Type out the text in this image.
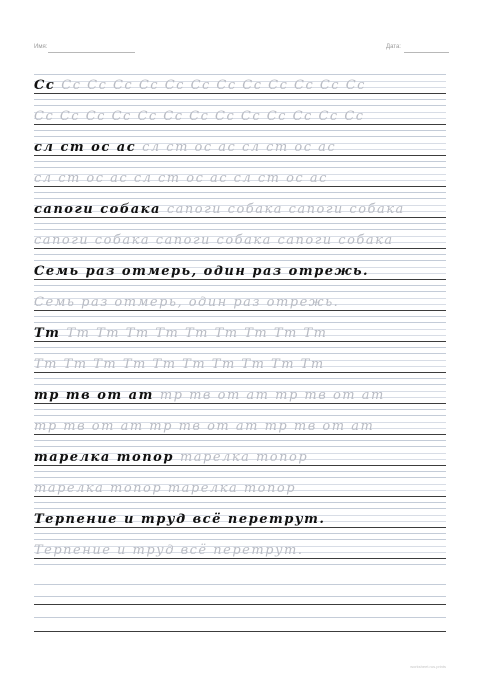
Имя:	Дата:
Сс Сс Сс Сс Сс Сс Сс Сс Сс Сс Сс Сс Сс
Сс Сс Сс Сс Сс Сс Сс Сс Сс Сс Сс Сс Сс
сл ст ос ас сл ст ос ас сл ст ос ас
сл ст ос ас сл ст ос ас сл ст ос ас
сапоги собака сапоги собака сапоги собака
сапоги собака сапоги собака сапоги собака
Семь раз отмерь, один раз отрежь.
Семь раз отмерь, один раз отрежь.
Тт Тт Тт Тт Тт Тт Тт Тт Тт Тт
Тт Тт Тт Тт Тт Тт Тт Тт Тт Тт
тр тв от ат тр тв от ат тр тв от ат
тр тв от ат тр тв от ат тр тв от ат
тарелка топор тарелка топор
тарелка топор тарелка топор
Терпение и труд всё перетрут.
Терпение и труд всё перетрут.
worksheet.rus.prints
